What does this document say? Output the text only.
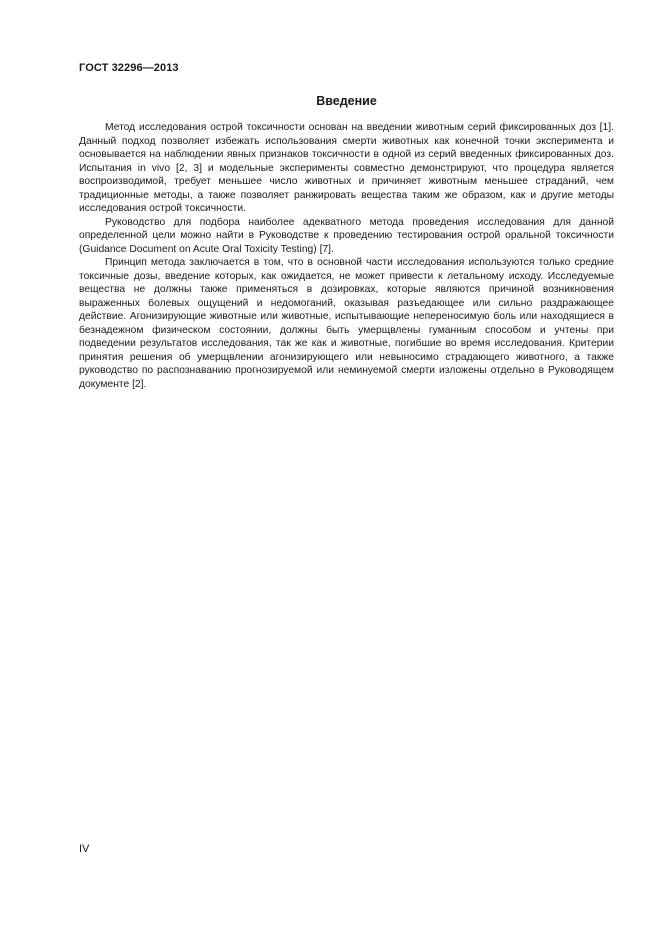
ГОСТ 32296—2013
Введение

Метод исследования острой токсичности основан на введении животным серий фиксированных доз [1]. Данный подход позволяет избежать использования смерти животных как конечной точки эксперимента и основывается на наблюдении явных признаков токсичности в одной из серий введенных фиксированных доз. Испытания in vivo [2, 3] и модельные эксперименты совместно демонстрируют, что процедура является воспроизводимой, требует меньшее число животных и причиняет животным меньшее страданий, чем традиционные методы, а также позволяет ранжировать вещества таким же образом, как и другие методы исследования острой токсичности.

Руководство для подбора наиболее адекватного метода проведения исследования для данной определенной цели можно найти в Руководстве к проведению тестирования острой оральной токсичности (Guidance Document on Acute Oral Toxicity Testing) [7].

Принцип метода заключается в том, что в основной части исследования используются только средние токсичные дозы, введение которых, как ожидается, не может привести к летальному исходу. Исследуемые вещества не должны также применяться в дозировках, которые являются причиной возникновения выраженных болевых ощущений и недомоганий, оказывая разъедающее или сильно раздражающее действие. Агонизирующие животные или животные, испытывающие непереносимую боль или находящиеся в безнадежном физическом состоянии, должны быть умерщвлены гуманным способом и учтены при подведении результатов исследования, так же как и животные, погибшие во время исследования. Критерии принятия решения об умерщвлении агонизирующего или невыносимо страдающего животного, а также руководство по распознаванию прогнозируемой или неминуемой смерти изложены отдельно в Руководящем документе [2].

IV
